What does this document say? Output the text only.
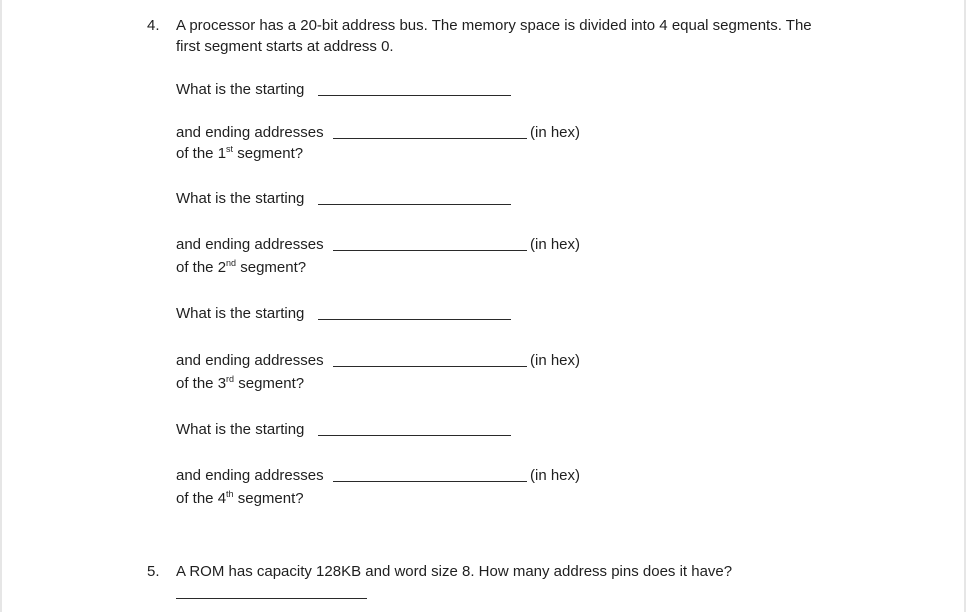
4. A processor has a 20-bit address bus. The memory space is divided into 4 equal segments. The
first segment starts at address 0.
What is the starting
and ending addresses	(in hex)
of the 1st segment?
What is the starting
and ending addresses	(in hex)
of the 2nd segment?
What is the starting
and ending addresses	(in hex)
of the 3rd segment?
What is the starting
and ending addresses	(in hex)
of the 4th segment?
5. A ROM has capacity 128KB and word size 8. How many address pins does it have?
